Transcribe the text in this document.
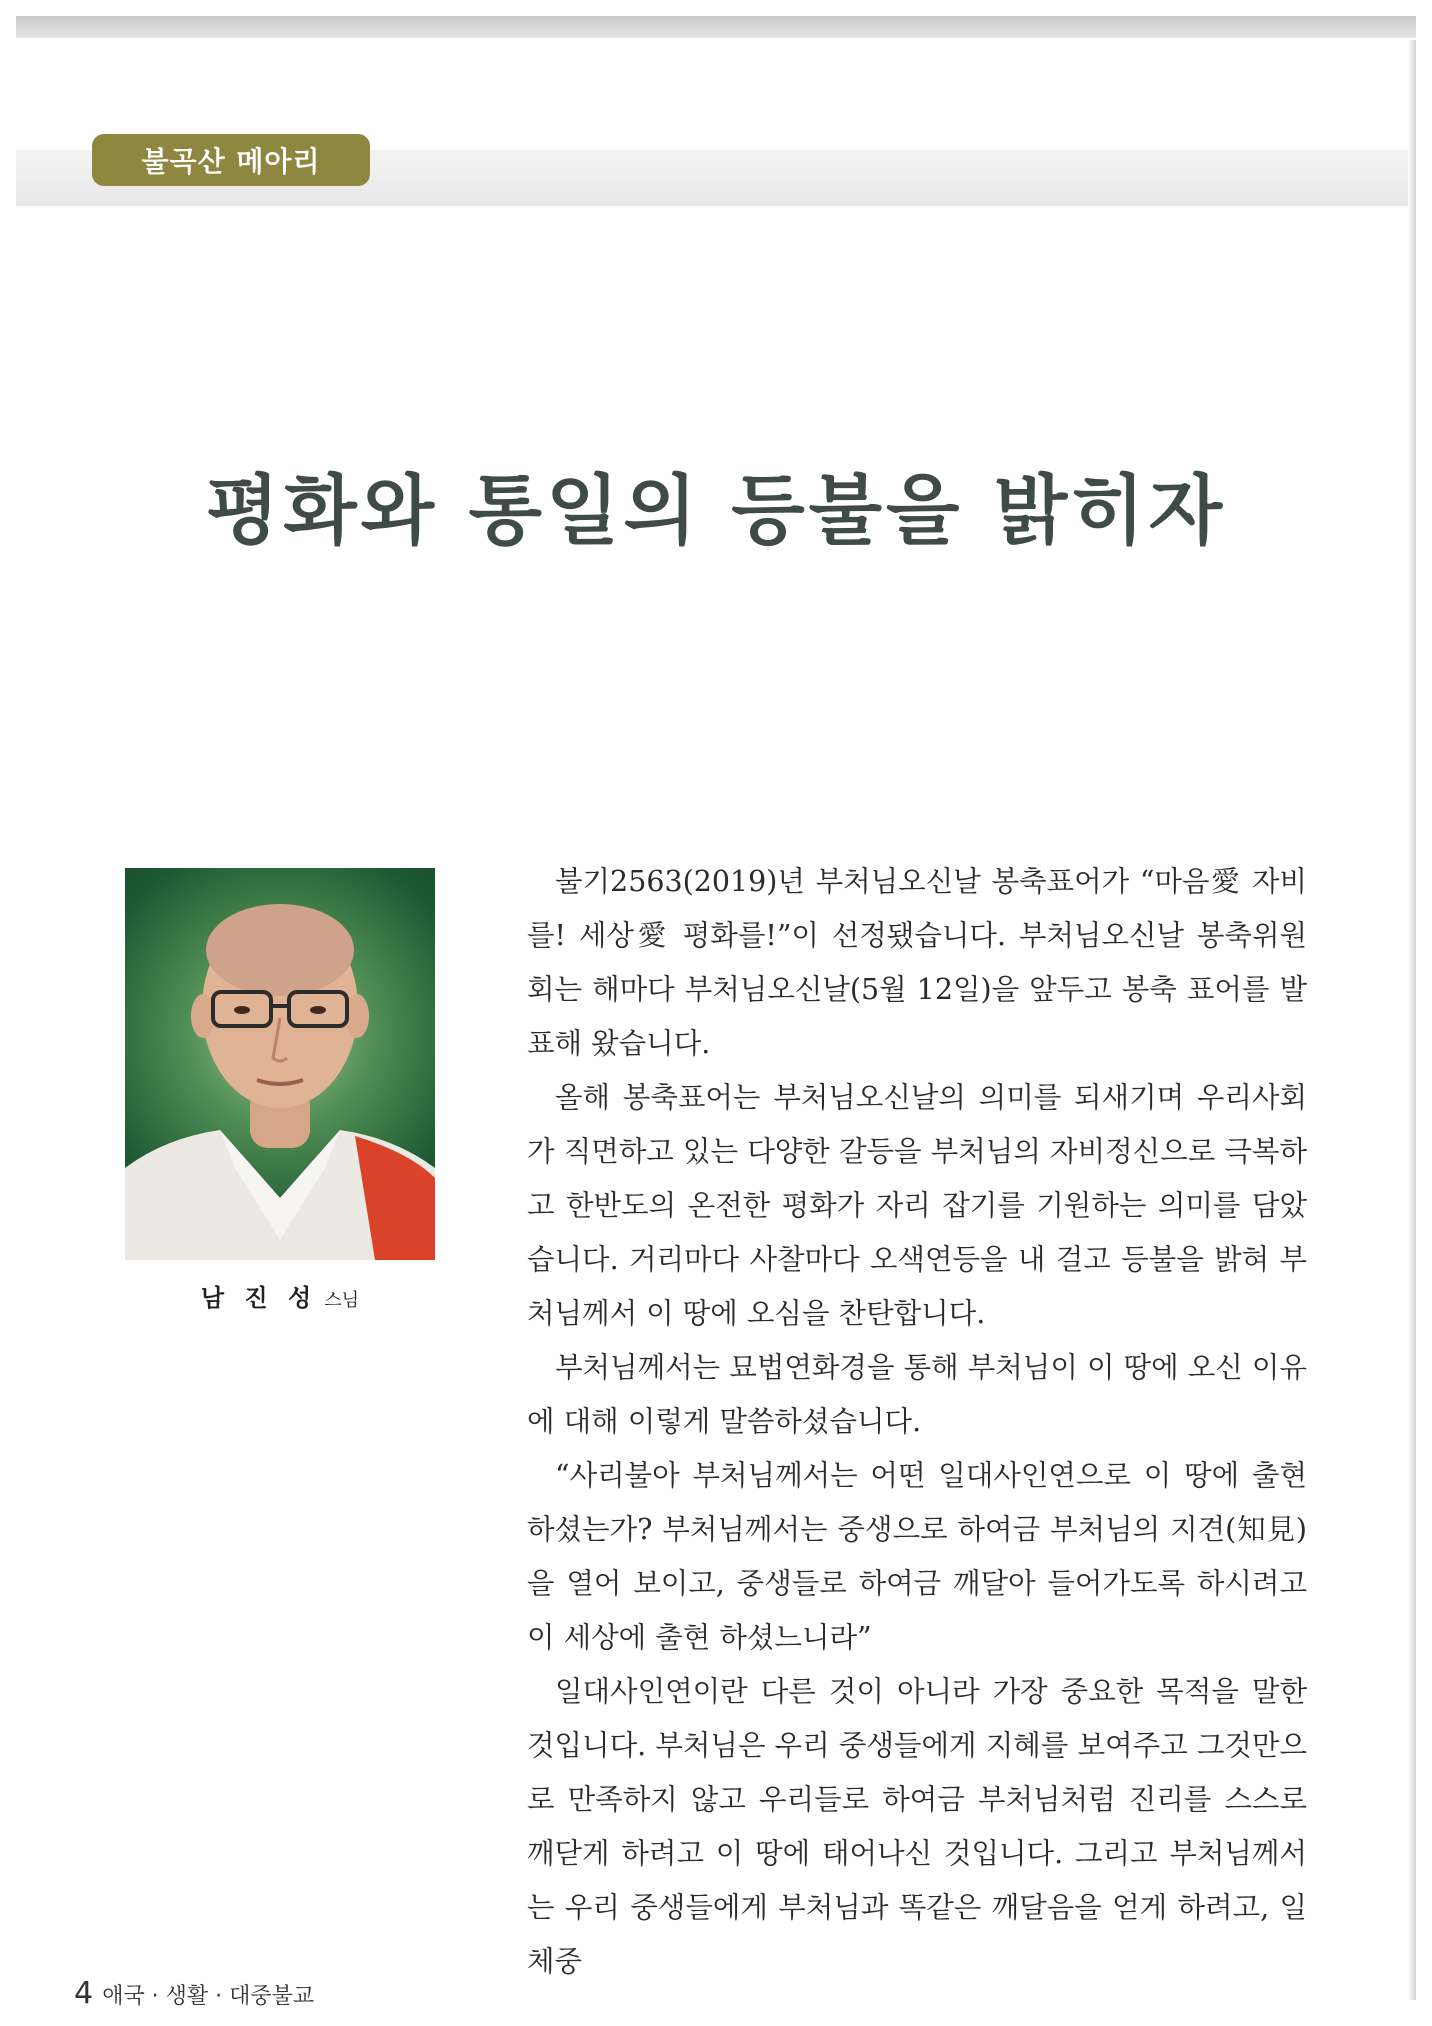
불곡산 메아리
평화와 통일의 등불을 밝히자
남 진 성 스님

불기2563(2019)년 부처님오신날 봉축표어가 “마음愛 자비를! 세상愛 평화를!”이 선정됐습니다. 부처님오신날 봉축위원회는 해마다 부처님오신날(5월 12일)을 앞두고 봉축 표어를 발표해 왔습니다.

올해 봉축표어는 부처님오신날의 의미를 되새기며 우리사회가 직면하고 있는 다양한 갈등을 부처님의 자비정신으로 극복하고 한반도의 온전한 평화가 자리 잡기를 기원하는 의미를 담았습니다. 거리마다 사찰마다 오색연등을 내 걸고 등불을 밝혀 부처님께서 이 땅에 오심을 찬탄합니다.

부처님께서는 묘법연화경을 통해 부처님이 이 땅에 오신 이유에 대해 이렇게 말씀하셨습니다.

“사리불아 부처님께서는 어떤 일대사인연으로 이 땅에 출현하셨는가? 부처님께서는 중생으로 하여금 부처님의 지견(知見)을 열어 보이고, 중생들로 하여금 깨달아 들어가도록 하시려고 이 세상에 출현 하셨느니라”

일대사인연이란 다른 것이 아니라 가장 중요한 목적을 말한 것입니다. 부처님은 우리 중생들에게 지혜를 보여주고 그것만으로 만족하지 않고 우리들로 하여금 부처님처럼 진리를 스스로 깨닫게 하려고 이 땅에 태어나신 것입니다. 그리고 부처님께서는 우리 중생들에게 부처님과 똑같은 깨달음을 얻게 하려고, 일체중

4 애국 · 생활 · 대중불교
